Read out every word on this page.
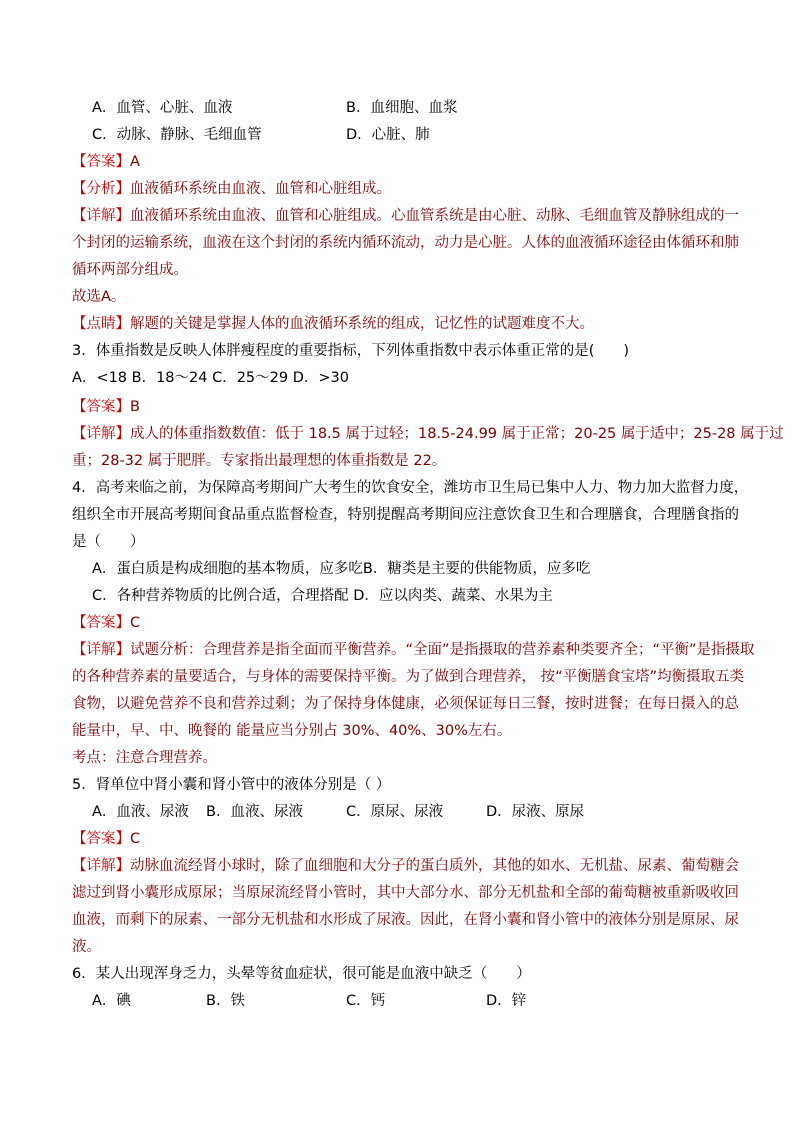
A．血管、心脏、血液	B．血细胞、血浆
C．动脉、静脉、毛细血管	D．心脏、肺
【答案】A
【分析】血液循环系统由血液、血管和心脏组成。
【详解】血液循环系统由血液、血管和心脏组成。心血管系统是由心脏、动脉、毛细血管及静脉组成的一
个封闭的运输系统，血液在这个封闭的系统内循环流动，动力是心脏。人体的血液循环途径由体循环和肺
循环两部分组成。
故选A。
【点睛】解题的关键是掌握人体的血液循环系统的组成，记忆性的试题难度不大。
3．体重指数是反映人体胖瘦程度的重要指标，下列体重指数中表示体重正常的是(　　)
A．<18 B．18～24 C．25～29 D．>30
【答案】B
【详解】成人的体重指数数值：低于 18.5 属于过轻；18.5-24.99 属于正常；20-25 属于适中；25-28 属于过
重；28-32 属于肥胖。专家指出最理想的体重指数是 22。
4．高考来临之前，为保障高考期间广大考生的饮食安全，潍坊市卫生局已集中人力、物力加大监督力度，
组织全市开展高考期间食品重点监督检查，特别提醒高考期间应注意饮食卫生和合理膳食，合理膳食指的
是（　　）
A．蛋白质是构成细胞的基本物质，应多吃B．糖类是主要的供能物质，应多吃
C．各种营养物质的比例合适，合理搭配 D．应以肉类、蔬菜、水果为主
【答案】C
【详解】试题分析：合理营养是指全面而平衡营养。“全面”是指摄取的营养素种类要齐全；“平衡”是指摄取
的各种营养素的量要适合，与身体的需要保持平衡。为了做到合理营养， 按“平衡膳食宝塔”均衡摄取五类
食物，以避免营养不良和营养过剩；为了保持身体健康，必须保证每日三餐，按时进餐；在每日摄入的总
能量中，早、中、晚餐的 能量应当分别占 30%、40%、30%左右。
考点：注意合理营养。
5．肾单位中肾小囊和肾小管中的液体分别是（ ）
A．血液、尿液 B．血液、尿液	C．原尿、尿液	D．尿液、原尿
【答案】C
【详解】动脉血流经肾小球时，除了血细胞和大分子的蛋白质外，其他的如水、无机盐、尿素、葡萄糖会
滤过到肾小囊形成原尿；当原尿流经肾小管时，其中大部分水、部分无机盐和全部的葡萄糖被重新吸收回
血液，而剩下的尿素、一部分无机盐和水形成了尿液。因此，在肾小囊和肾小管中的液体分别是原尿、尿
液。
6．某人出现浑身乏力，头晕等贫血症状，很可能是血液中缺乏（　　）
A．碘	B．铁	C．钙	D．锌
